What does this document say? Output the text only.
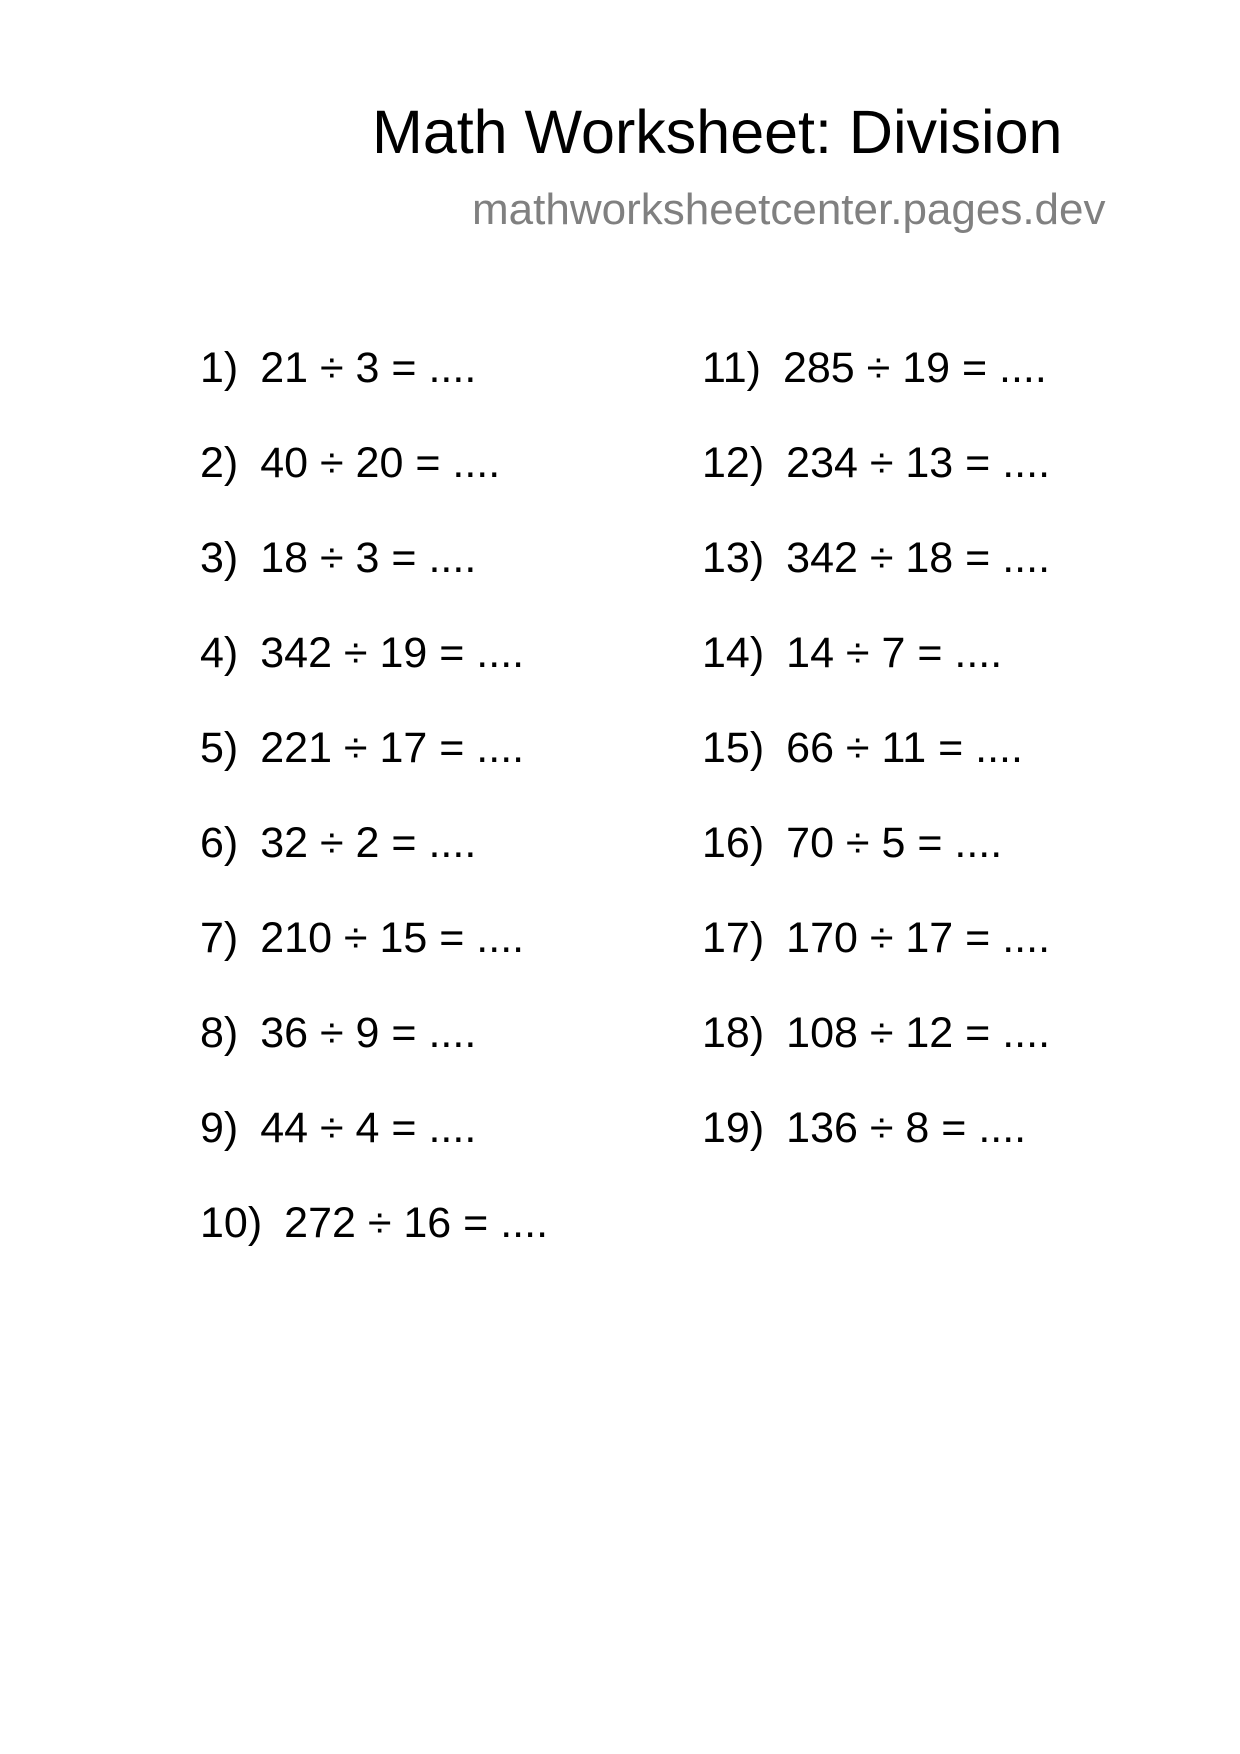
Math Worksheet: Division
mathworksheetcenter.pages.dev
1) 21 ÷ 3 = ....
2) 40 ÷ 20 = ....
3) 18 ÷ 3 = ....
4) 342 ÷ 19 = ....
5) 221 ÷ 17 = ....
6) 32 ÷ 2 = ....
7) 210 ÷ 15 = ....
8) 36 ÷ 9 = ....
9) 44 ÷ 4 = ....
10) 272 ÷ 16 = ....
11) 285 ÷ 19 = ....
12) 234 ÷ 13 = ....
13) 342 ÷ 18 = ....
14) 14 ÷ 7 = ....
15) 66 ÷ 11 = ....
16) 70 ÷ 5 = ....
17) 170 ÷ 17 = ....
18) 108 ÷ 12 = ....
19) 136 ÷ 8 = ....
